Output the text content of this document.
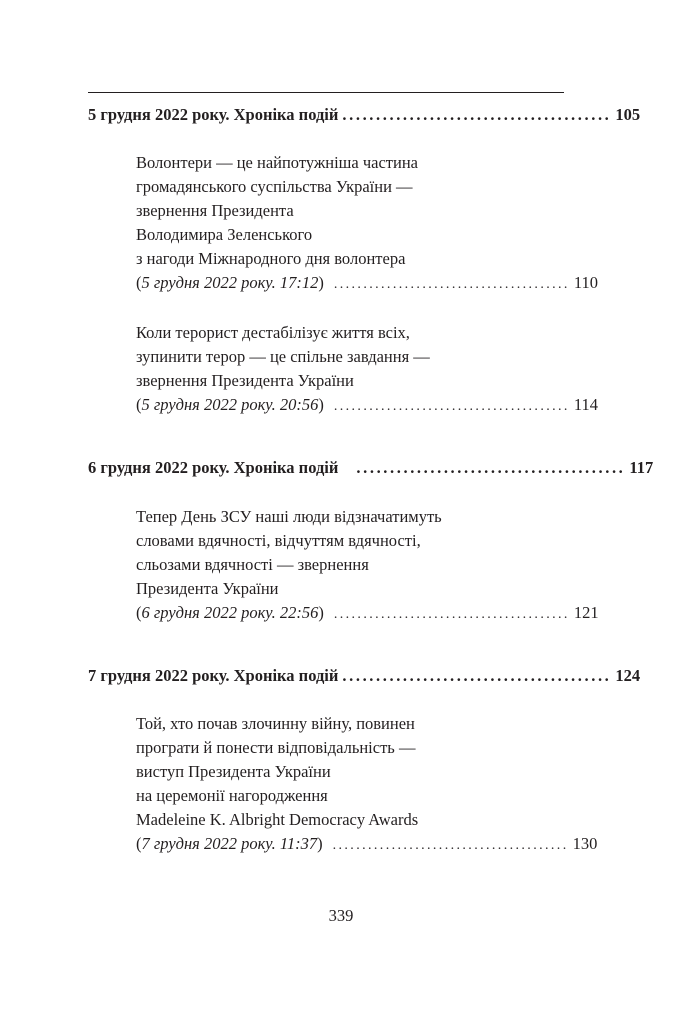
5 грудня 2022 року. Хроніка подій ........................................ 105
Волонтери — це найпотужніша частина
громадянського суспільства України —
звернення Президента
Володимира Зеленського
з нагоди Міжнародного дня волонтера
( 5 грудня 2022 року. 17:12 ) ........................................ 110
Коли терорист дестабілізує життя всіх,
зупинити терор — це спільне завдання —
звернення Президента України
( 5 грудня 2022 року. 20:56 ) ........................................ 114
6 грудня 2022 року. Хроніка подій ........................................ 117
Тепер День ЗСУ наші люди відзначатимуть
словами вдячності, відчуттям вдячності,
сльозами вдячності — звернення
Президента України
( 6 грудня 2022 року. 22:56 ) ........................................ 121
7 грудня 2022 року. Хроніка подій ........................................ 124
Той, хто почав злочинну війну, повинен
програти й понести відповідальність —
виступ Президента України
на церемонії нагородження
Madeleine K. Albright Democracy Awards
( 7 грудня 2022 року. 11:37 ) ........................................ 130
339
